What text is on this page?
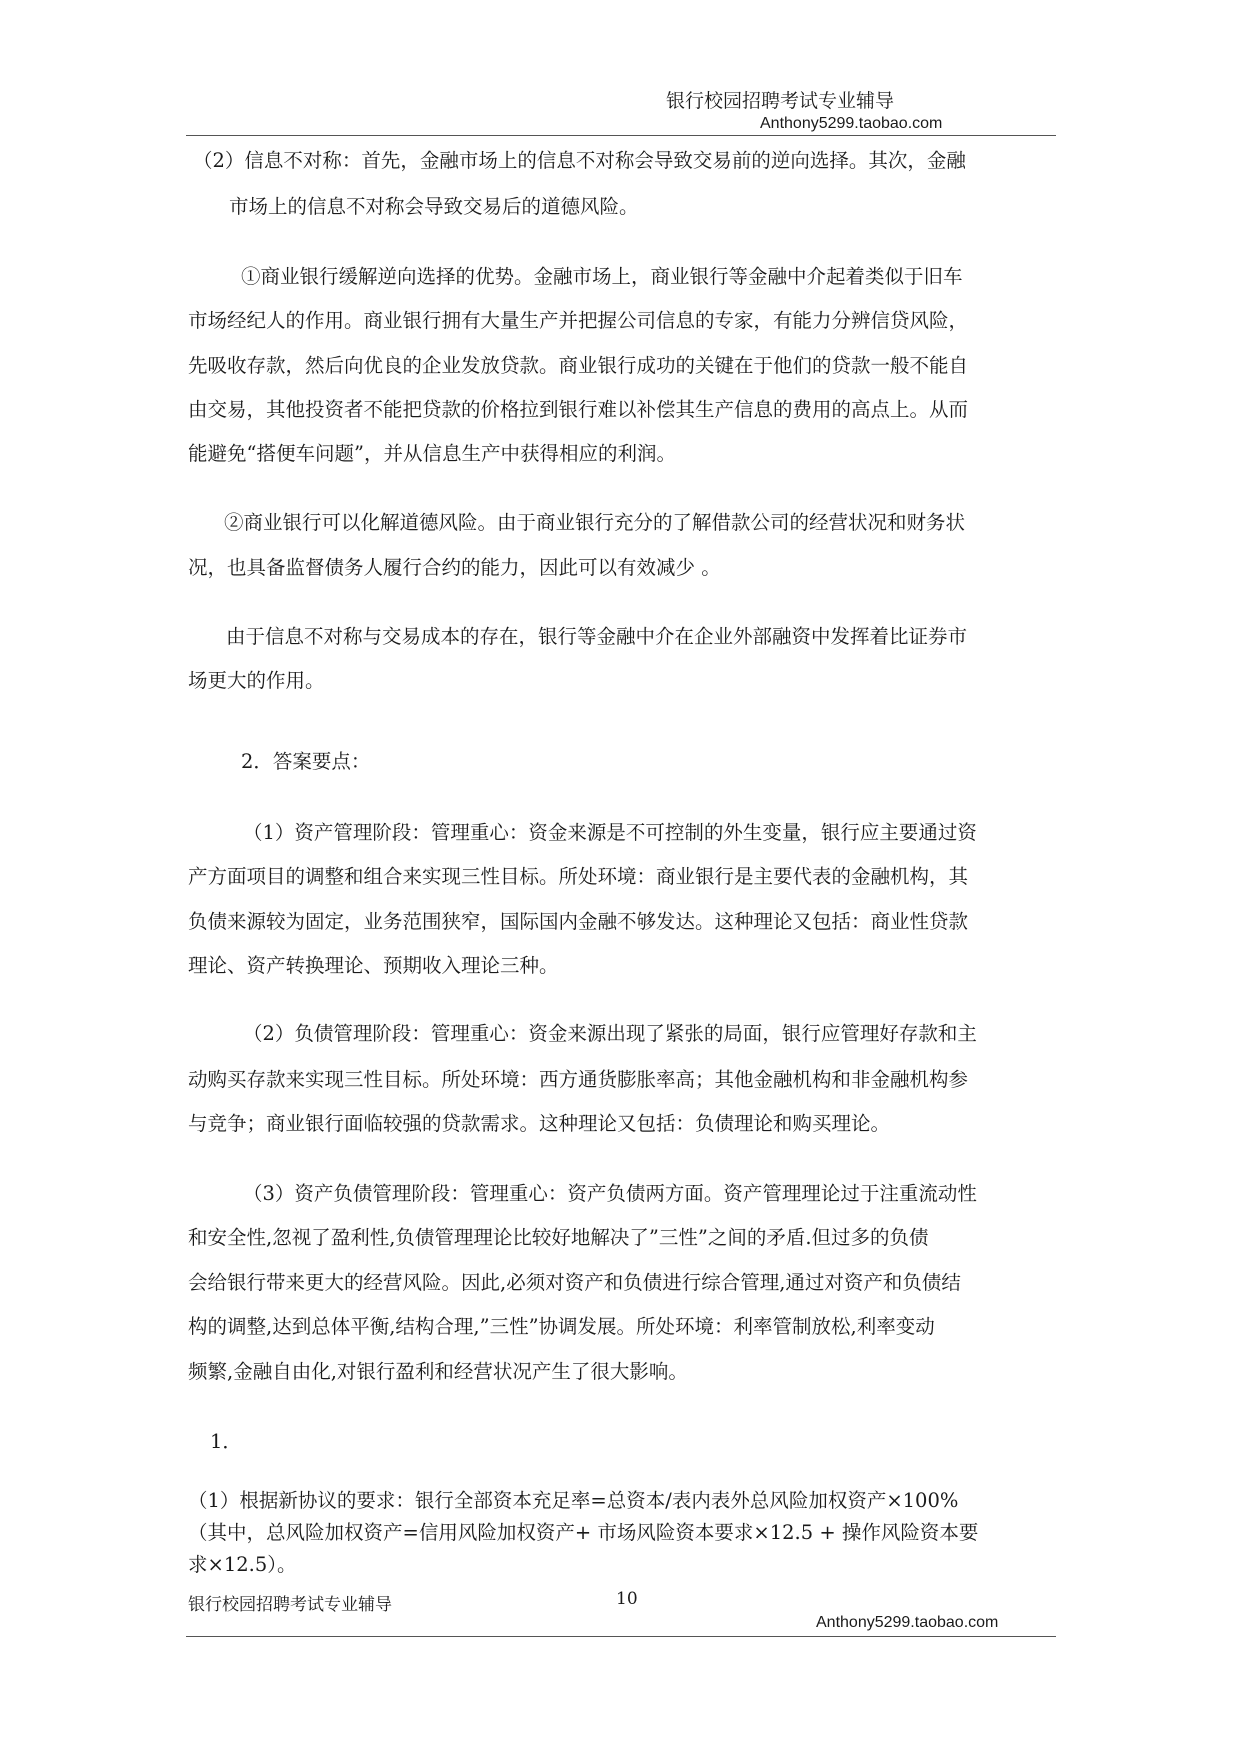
银行校园招聘考试专业辅导
Anthony5299.taobao.com
（2）信息不对称：首先，金融市场上的信息不对称会导致交易前的逆向选择。其次，金融
市场上的信息不对称会导致交易后的道德风险。
①商业银行缓解逆向选择的优势。金融市场上，商业银行等金融中介起着类似于旧车
市场经纪人的作用。商业银行拥有大量生产并把握公司信息的专家，有能力分辨信贷风险，
先吸收存款，然后向优良的企业发放贷款。商业银行成功的关键在于他们的贷款一般不能自
由交易，其他投资者不能把贷款的价格拉到银行难以补偿其生产信息的费用的高点上。从而
能避免“搭便车问题”，并从信息生产中获得相应的利润。
②商业银行可以化解道德风险。由于商业银行充分的了解借款公司的经营状况和财务状
况，也具备监督债务人履行合约的能力，因此可以有效减少 。
由于信息不对称与交易成本的存在，银行等金融中介在企业外部融资中发挥着比证券市
场更大的作用。
2．答案要点：
（1）资产管理阶段：管理重心：资金来源是不可控制的外生变量，银行应主要通过资
产方面项目的调整和组合来实现三性目标。所处环境：商业银行是主要代表的金融机构，其
负债来源较为固定，业务范围狭窄，国际国内金融不够发达。这种理论又包括：商业性贷款
理论、资产转换理论、预期收入理论三种。
（2）负债管理阶段：管理重心：资金来源出现了紧张的局面，银行应管理好存款和主
动购买存款来实现三性目标。所处环境：西方通货膨胀率高；其他金融机构和非金融机构参
与竞争；商业银行面临较强的贷款需求。这种理论又包括：负债理论和购买理论。
（3）资产负债管理阶段：管理重心：资产负债两方面。资产管理理论过于注重流动性
和安全性,忽视了盈利性,负债管理理论比较好地解决了”三性”之间的矛盾.但过多的负债
会给银行带来更大的经营风险。因此,必须对资产和负债进行综合管理,通过对资产和负债结
构的调整,达到总体平衡,结构合理,”三性”协调发展。所处环境：利率管制放松,利率变动
频繁,金融自由化,对银行盈利和经营状况产生了很大影响。
1．
（1）根据新协议的要求：银行全部资本充足率=总资本/表内表外总风险加权资产×100%
（其中，总风险加权资产=信用风险加权资产+ 市场风险资本要求×12.5 + 操作风险资本要
求×12.5）。
银行校园招聘考试专业辅导	10
Anthony5299.taobao.com
